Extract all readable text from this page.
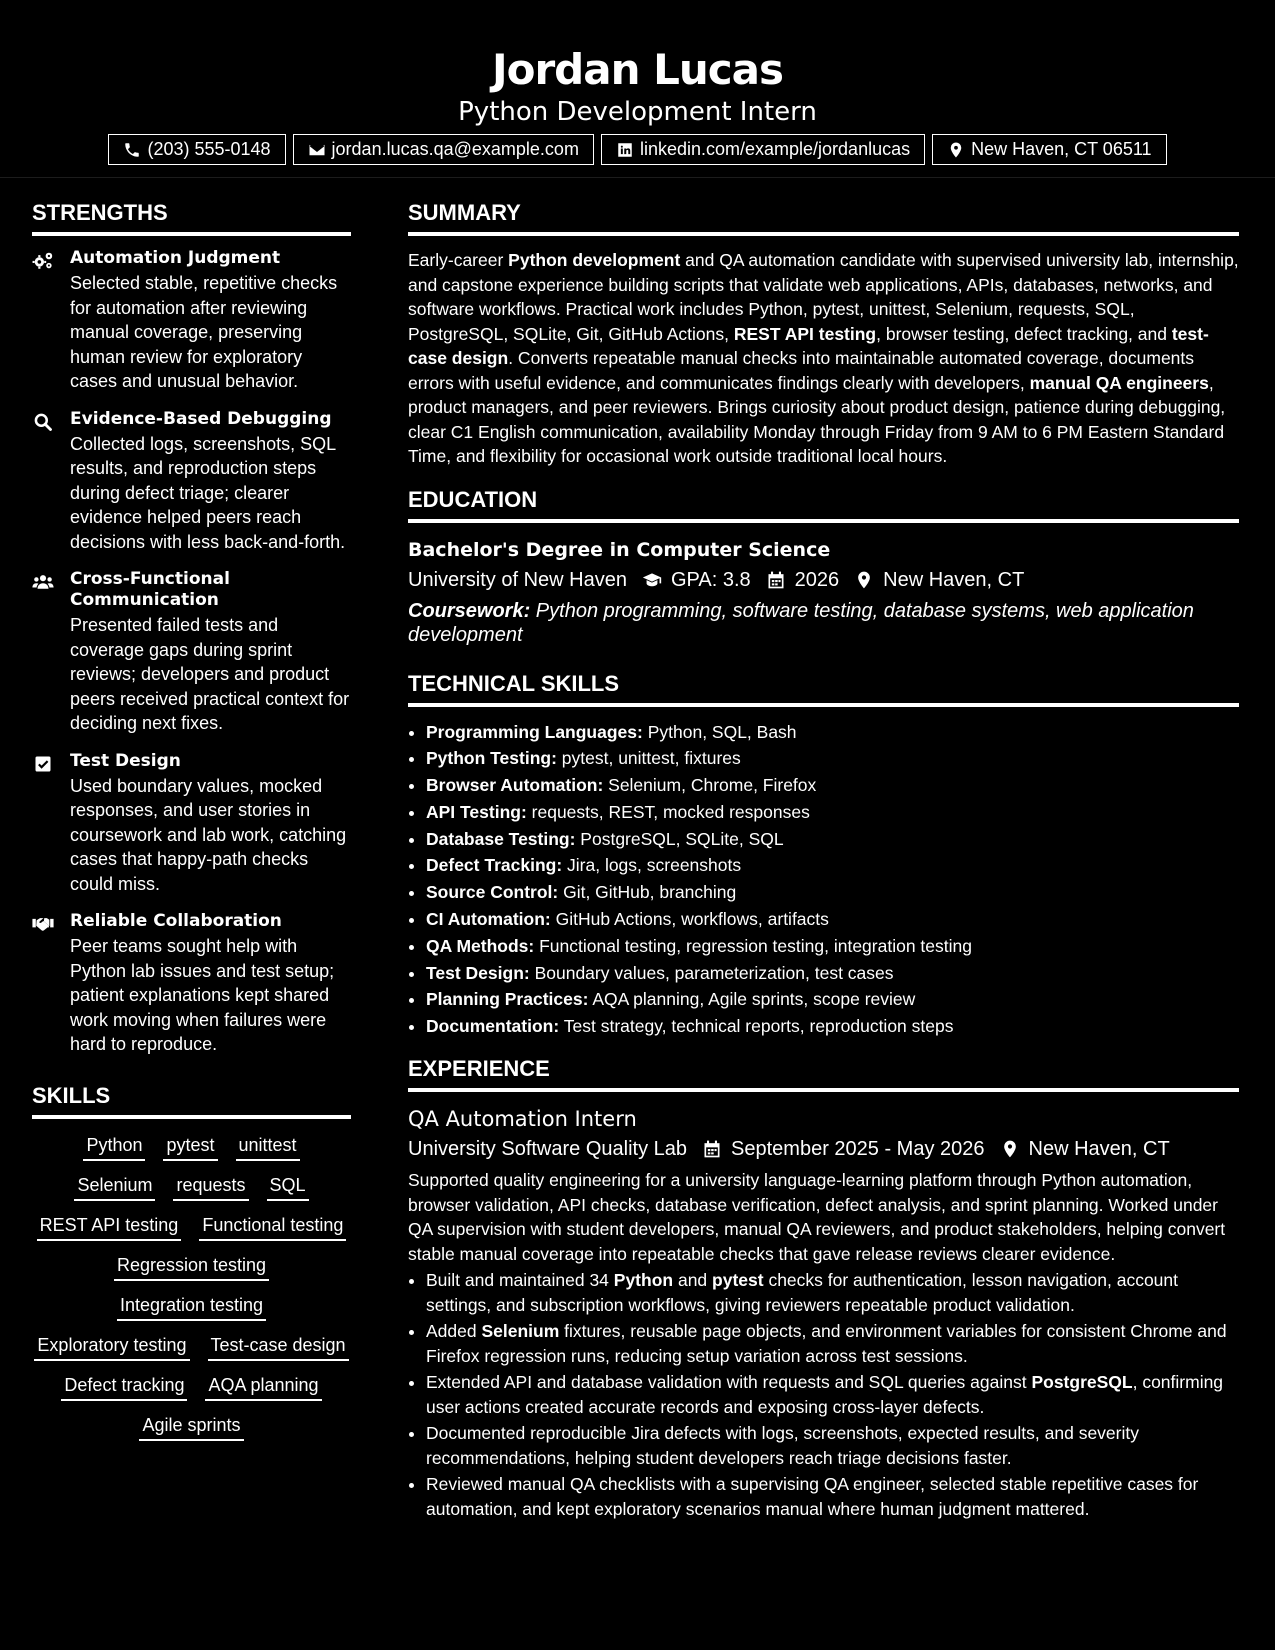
Jordan Lucas
Python Development Intern
(203) 555-0148	jordan.lucas.qa@example.com	linkedin.com/example/jordanlucas	New Haven, CT 06511
STRENGTHS
Automation Judgment
Selected stable, repetitive checks for automation after reviewing manual coverage, preserving human review for exploratory cases and unusual behavior.
Evidence-Based Debugging
Collected logs, screenshots, SQL results, and reproduction steps during defect triage; clearer evidence helped peers reach decisions with less back-and-forth.
Cross-Functional Communication
Presented failed tests and coverage gaps during sprint reviews; developers and product peers received practical context for deciding next fixes.
Test Design
Used boundary values, mocked responses, and user stories in coursework and lab work, catching cases that happy-path checks could miss.
Reliable Collaboration
Peer teams sought help with Python lab issues and test setup; patient explanations kept shared work moving when failures were hard to reproduce.
SKILLS
Python pytest unittest
Selenium requests SQL
REST API testing Functional testing
Regression testing
Integration testing
Exploratory testing Test-case design
Defect tracking AQA planning
Agile sprints
SUMMARY
Early-career Python development and QA automation candidate with supervised university lab, internship, and capstone experience building scripts that validate web applications, APIs, databases, networks, and software workflows. Practical work includes Python, pytest, unittest, Selenium, requests, SQL, PostgreSQL, SQLite, Git, GitHub Actions, REST API testing, browser testing, defect tracking, and test-case design. Converts repeatable manual checks into maintainable automated coverage, documents errors with useful evidence, and communicates findings clearly with developers, manual QA engineers, product managers, and peer reviewers. Brings curiosity about product design, patience during debugging, clear C1 English communication, availability Monday through Friday from 9 AM to 6 PM Eastern Standard Time, and flexibility for occasional work outside traditional local hours.
EDUCATION
Bachelor's Degree in Computer Science
University of New Haven GPA: 3.8 2026 New Haven, CT
Coursework: Python programming, software testing, database systems, web application development
TECHNICAL SKILLS
• Programming Languages: Python, SQL, Bash
• Python Testing: pytest, unittest, fixtures
• Browser Automation: Selenium, Chrome, Firefox
• API Testing: requests, REST, mocked responses
• Database Testing: PostgreSQL, SQLite, SQL
• Defect Tracking: Jira, logs, screenshots
• Source Control: Git, GitHub, branching
• CI Automation: GitHub Actions, workflows, artifacts
• QA Methods: Functional testing, regression testing, integration testing
• Test Design: Boundary values, parameterization, test cases
• Planning Practices: AQA planning, Agile sprints, scope review
• Documentation: Test strategy, technical reports, reproduction steps
EXPERIENCE
QA Automation Intern
University Software Quality Lab September 2025 - May 2026 New Haven, CT
Supported quality engineering for a university language-learning platform through Python automation, browser validation, API checks, database verification, defect analysis, and sprint planning. Worked under QA supervision with student developers, manual QA reviewers, and product stakeholders, helping convert stable manual coverage into repeatable checks that gave release reviews clearer evidence.
• Built and maintained 34 Python and pytest checks for authentication, lesson navigation, account settings, and subscription workflows, giving reviewers repeatable product validation.
• Added Selenium fixtures, reusable page objects, and environment variables for consistent Chrome and Firefox regression runs, reducing setup variation across test sessions.
• Extended API and database validation with requests and SQL queries against PostgreSQL, confirming user actions created accurate records and exposing cross-layer defects.
• Documented reproducible Jira defects with logs, screenshots, expected results, and severity recommendations, helping student developers reach triage decisions faster.
• Reviewed manual QA checklists with a supervising QA engineer, selected stable repetitive cases for automation, and kept exploratory scenarios manual where human judgment mattered.
